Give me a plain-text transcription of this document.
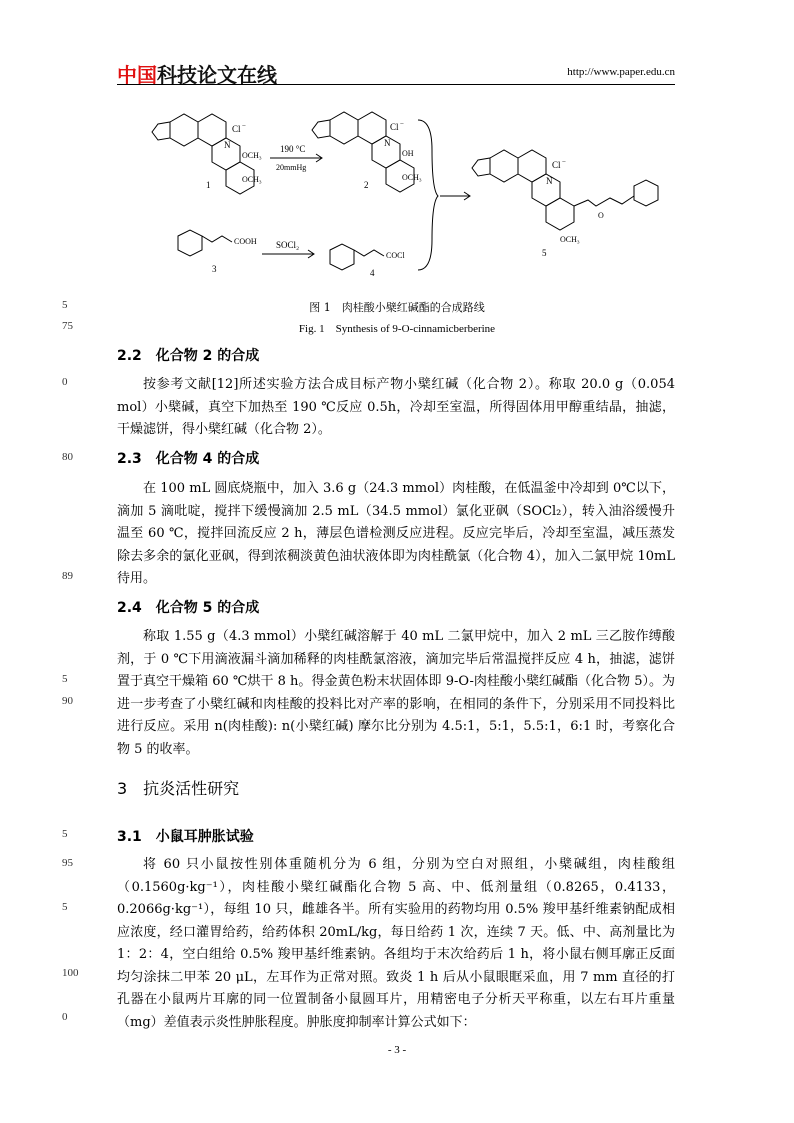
中国科技论文在线	http://www.paper.edu.cn
N
Cl −
OCH₃
OCH₃
1
190 °C
20mmHg
N
Cl −
OH
OCH₃
2	N
Cl −
O
OCH₃
5
COOH
3
SOCl₂
COCl
4
图 1　肉桂酸小檗红碱酯的合成路线
Fig. 1　Synthesis of 9-O-cinnamicberberine
5
75
0
80
89
5
90
5
95
5
100
0
2.2　化合物 2 的合成

按参考文献[12]所述实验方法合成目标产物小檗红碱（化合物 2）。称取 20.0 g（0.054 mol）小檗碱，真空下加热至 190 ℃反应 0.5h，冷却至室温，所得固体用甲醇重结晶，抽滤，干燥滤饼，得小檗红碱（化合物 2）。

2.3　化合物 4 的合成

在 100 mL 圆底烧瓶中，加入 3.6 g（24.3 mmol）肉桂酸，在低温釜中冷却到 0℃以下，滴加 5 滴吡啶，搅拌下缓慢滴加 2.5 mL（34.5 mmol）氯化亚砜（SOCl₂），转入油浴缓慢升温至 60 ℃，搅拌回流反应 2 h，薄层色谱检测反应进程。反应完毕后，冷却至室温，减压蒸发除去多余的氯化亚砜，得到浓稠淡黄色油状液体即为肉桂酰氯（化合物 4），加入二氯甲烷 10mL 待用。

2.4　化合物 5 的合成

称取 1.55 g（4.3 mmol）小檗红碱溶解于 40 mL 二氯甲烷中，加入 2 mL 三乙胺作缚酸剂，于 0 ℃下用滴液漏斗滴加稀释的肉桂酰氯溶液，滴加完毕后常温搅拌反应 4 h，抽滤，滤饼置于真空干燥箱 60 ℃烘干 8 h。得金黄色粉末状固体即 9-O-肉桂酸小檗红碱酯（化合物 5）。为进一步考查了小檗红碱和肉桂酸的投料比对产率的影响，在相同的条件下，分别采用不同投料比进行反应。采用 n(肉桂酸): n(小檗红碱) 摩尔比分别为 4.5:1，5:1，5.5:1，6:1 时，考察化合物 5 的收率。

3　抗炎活性研究
3.1　小鼠耳肿胀试验

将 60 只小鼠按性别体重随机分为 6 组，分别为空白对照组，小檗碱组，肉桂酸组（0.1560g·kg⁻¹），肉桂酸小檗红碱酯化合物 5 高、中、低剂量组（0.8265，0.4133，0.2066g·kg⁻¹），每组 10 只，雌雄各半。所有实验用的药物均用 0.5% 羧甲基纤维素钠配成相应浓度，经口灌胃给药，给药体积 20mL/kg，每日给药 1 次，连续 7 天。低、中、高剂量比为 1：2：4，空白组给 0.5% 羧甲基纤维素钠。各组均于末次给药后 1 h，将小鼠右侧耳廓正反面均匀涂抹二甲苯 20 μL，左耳作为正常对照。致炎 1 h 后从小鼠眼眶采血，用 7 mm 直径的打孔器在小鼠两片耳廓的同一位置制备小鼠圆耳片，用精密电子分析天平称重，以左右耳片重量（mg）差值表示炎性肿胀程度。肿胀度抑制率计算公式如下：

- 3 -
